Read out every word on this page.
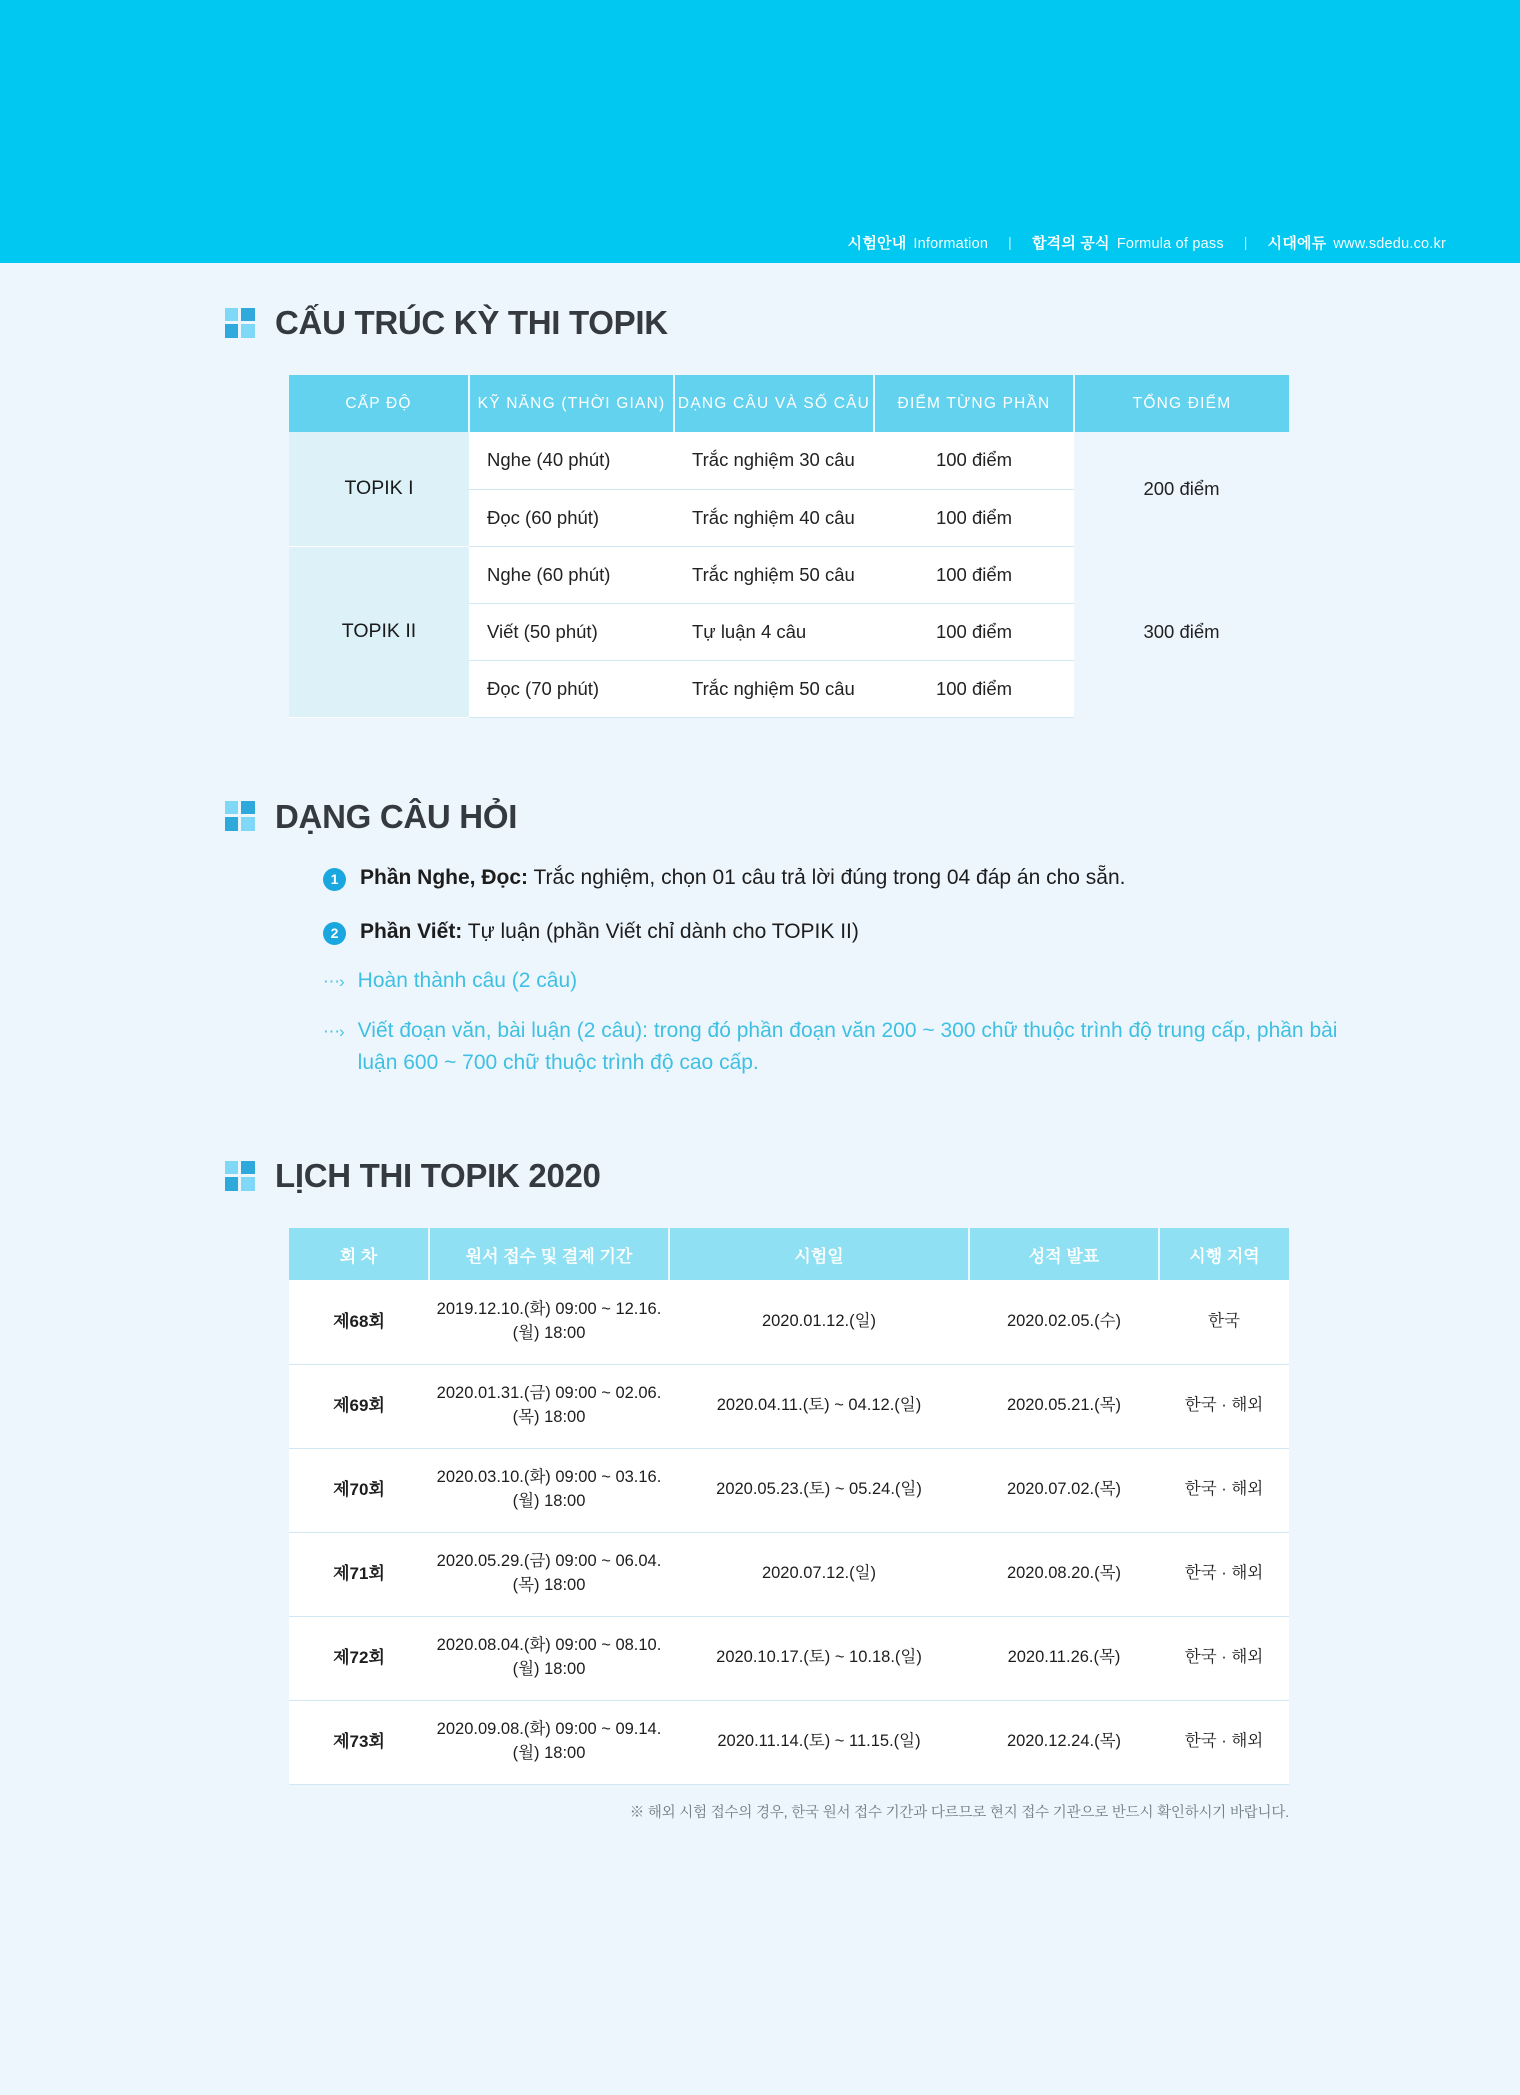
시험안내 Information | 합격의 공식 Formula of pass | 시대에듀 www.sdedu.co.kr
CẤU TRÚC KỲ THI TOPIK
CẤP ĐỘ	KỸ NĂNG (THỜI GIAN)	DẠNG CÂU VÀ SỐ CÂU	ĐIỂM TỪNG PHẦN	TỔNG ĐIỂM
TOPIK I	Nghe (40 phút)	Trắc nghiệm 30 câu	100 điểm	200 điểm
	Đọc (60 phút)	Trắc nghiệm 40 câu	100 điểm	
TOPIK II	Nghe (60 phút)	Trắc nghiệm 50 câu	100 điểm	300 điểm
	Viết (50 phút)	Tự luận 4 câu	100 điểm	
	Đọc (70 phút)	Trắc nghiệm 50 câu	100 điểm	
DẠNG CÂU HỎI
1	Phần Nghe, Đọc: Trắc nghiệm, chọn 01 câu trả lời đúng trong 04 đáp án cho sẵn.
2	Phần Viết: Tự luận (phần Viết chỉ dành cho TOPIK II)
⋯› Hoàn thành câu (2 câu)
⋯› Viết đoạn văn, bài luận (2 câu): trong đó phần đoạn văn 200 ~ 300 chữ thuộc trình độ trung cấp, phần bài luận 600 ~ 700 chữ thuộc trình độ cao cấp.
LỊCH THI TOPIK 2020
회 차	원서 접수 및 결제 기간	시험일	성적 발표	시행 지역
제68회	2019.12.10.(화) 09:00 ~ 12.16.(월) 18:00	2020.01.12.(일)	2020.02.05.(수)	한국
제69회	2020.01.31.(금) 09:00 ~ 02.06.(목) 18:00	2020.04.11.(토) ~ 04.12.(일)	2020.05.21.(목)	한국 · 해외
제70회	2020.03.10.(화) 09:00 ~ 03.16.(월) 18:00	2020.05.23.(토) ~ 05.24.(일)	2020.07.02.(목)	한국 · 해외
제71회	2020.05.29.(금) 09:00 ~ 06.04.(목) 18:00	2020.07.12.(일)	2020.08.20.(목)	한국 · 해외
제72회	2020.08.04.(화) 09:00 ~ 08.10.(월) 18:00	2020.10.17.(토) ~ 10.18.(일)	2020.11.26.(목)	한국 · 해외
제73회	2020.09.08.(화) 09:00 ~ 09.14.(월) 18:00	2020.11.14.(토) ~ 11.15.(일)	2020.12.24.(목)	한국 · 해외
※ 해외 시험 접수의 경우, 한국 원서 접수 기간과 다르므로 현지 접수 기관으로 반드시 확인하시기 바랍니다.
